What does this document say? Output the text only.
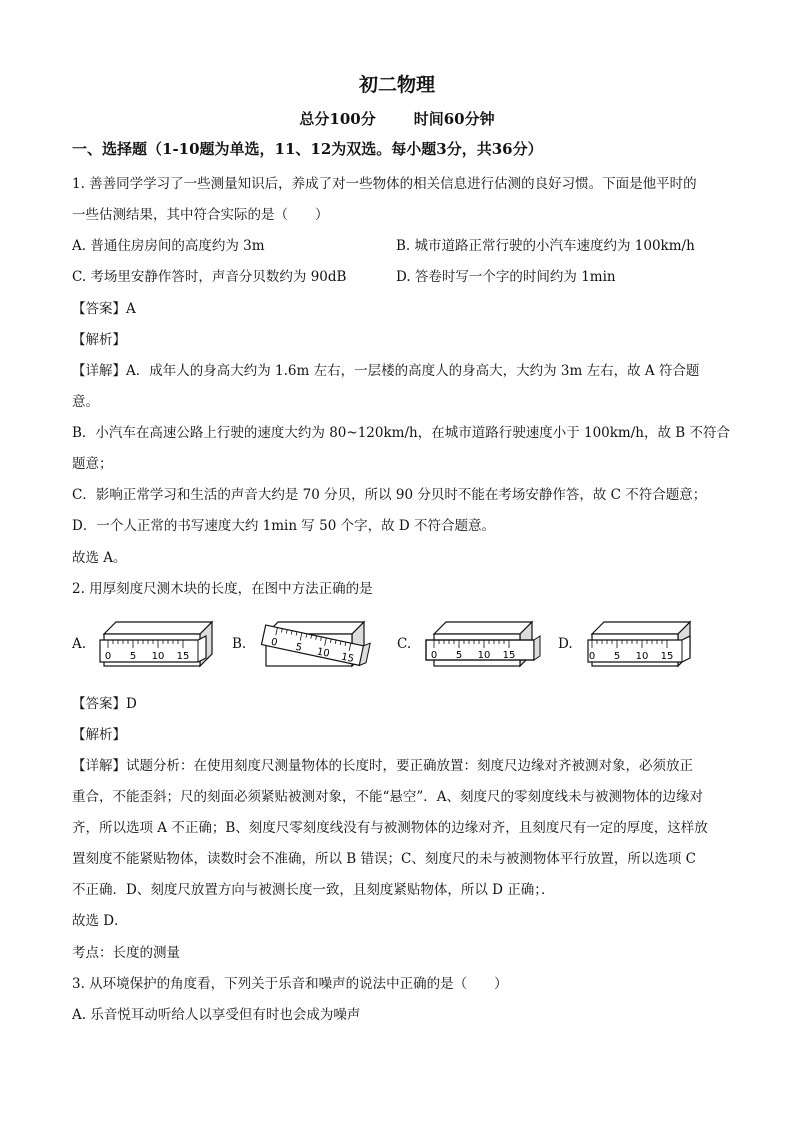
初二物理
总分100分	时间60分钟
一、选择题（1-10题为单选，11、12为双选。每小题3分，共36分）
1. 善善同学学习了一些测量知识后，养成了对一些物体的相关信息进行估测的良好习惯。下面是他平时的
一些估测结果，其中符合实际的是（　　）
A. 普通住房房间的高度约为 3m	B. 城市道路正常行驶的小汽车速度约为 100km/h
C. 考场里安静作答时，声音分贝数约为 90dB	D. 答卷时写一个字的时间约为 1min
【答案】A
【解析】
【详解】A．成年人的身高大约为 1.6m 左右，一层楼的高度人的身高大，大约为 3m 左右，故 A 符合题
意。
B．小汽车在高速公路上行驶的速度大约为 80~120km/h，在城市道路行驶速度小于 100km/h，故 B 不符合
题意；
C．影响正常学习和生活的声音大约是 70 分贝，所以 90 分贝时不能在考场安静作答，故 C 不符合题意；
D．一个人正常的书写速度大约 1min 写 50 个字，故 D 不符合题意。
故选 A。
2. 用厚刻度尺测木块的长度，在图中方法正确的是
A.
0 5 10 15
B. 0 5 10 15
C.
0 5 10 15
D.
0 5 10 15
【答案】D
【解析】
【详解】试题分析：在使用刻度尺测量物体的长度时，要正确放置：刻度尺边缘对齐被测对象，必须放正
重合，不能歪斜；尺的刻面必须紧贴被测对象，不能“悬空”．A、刻度尺的零刻度线未与被测物体的边缘对
齐，所以选项 A 不正确；B、刻度尺零刻度线没有与被测物体的边缘对齐，且刻度尺有一定的厚度，这样放
置刻度不能紧贴物体，读数时会不准确，所以 B 错误；C、刻度尺的未与被测物体平行放置，所以选项 C
不正确．D、刻度尺放置方向与被测长度一致，且刻度紧贴物体，所以 D 正确；．
故选 D．
考点：长度的测量
3. 从环境保护的角度看，下列关于乐音和噪声的说法中正确的是（　　）
A. 乐音悦耳动听给人以享受但有时也会成为噪声
